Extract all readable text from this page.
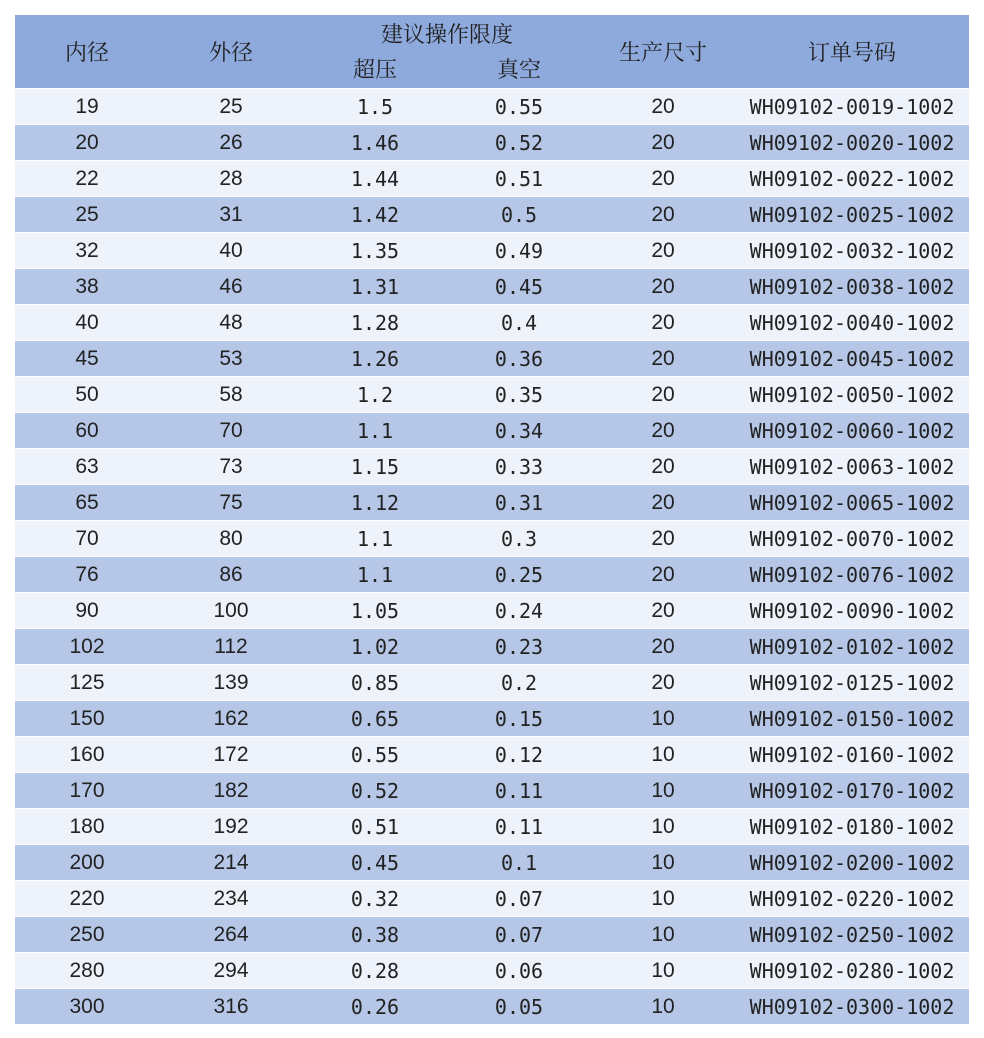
内径	外径	建议操作限度		生产尺寸	订单号码
		超压	真空		
19	25	1.5	0.55	20	WH09102-0019-1002
20	26	1.46	0.52	20	WH09102-0020-1002
22	28	1.44	0.51	20	WH09102-0022-1002
25	31	1.42	0.5	20	WH09102-0025-1002
32	40	1.35	0.49	20	WH09102-0032-1002
38	46	1.31	0.45	20	WH09102-0038-1002
40	48	1.28	0.4	20	WH09102-0040-1002
45	53	1.26	0.36	20	WH09102-0045-1002
50	58	1.2	0.35	20	WH09102-0050-1002
60	70	1.1	0.34	20	WH09102-0060-1002
63	73	1.15	0.33	20	WH09102-0063-1002
65	75	1.12	0.31	20	WH09102-0065-1002
70	80	1.1	0.3	20	WH09102-0070-1002
76	86	1.1	0.25	20	WH09102-0076-1002
90	100	1.05	0.24	20	WH09102-0090-1002
102	112	1.02	0.23	20	WH09102-0102-1002
125	139	0.85	0.2	20	WH09102-0125-1002
150	162	0.65	0.15	10	WH09102-0150-1002
160	172	0.55	0.12	10	WH09102-0160-1002
170	182	0.52	0.11	10	WH09102-0170-1002
180	192	0.51	0.11	10	WH09102-0180-1002
200	214	0.45	0.1	10	WH09102-0200-1002
220	234	0.32	0.07	10	WH09102-0220-1002
250	264	0.38	0.07	10	WH09102-0250-1002
280	294	0.28	0.06	10	WH09102-0280-1002
300	316	0.26	0.05	10	WH09102-0300-1002
